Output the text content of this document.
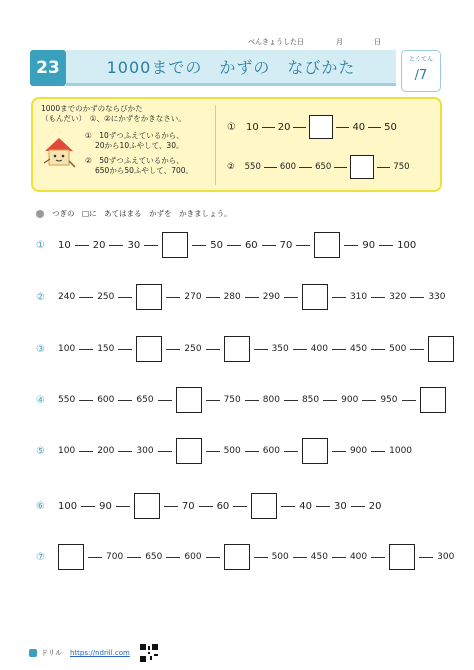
べんきょうした日	月	日
23	1000までの　かずの　なびかた	とくてん
/7
1000までのかずのならびかた
（もんだい）　①、②にかずをかきなさい。
①　10ずつふえているから、
20から10ふやして、30。
②　50ずつふえているから、
650から50ふやして、700。
① 10 20	40 50
② 550 600 650	750
つぎの　□に　あてはまる　かずを　かきましょう。
①	10 20 30	50 60 70	90 100
②	240 250	270 280 290	310 320 330
③	100 150	250	350 400 450 500
④	550 600 650	750 800 850 900 950
⑤	100 200 300	500 600	900 1000
⑥	100 90	70 60	40 30 20
⑦	700 650 600	500 450 400	300
ドリル https://ndrill.com
